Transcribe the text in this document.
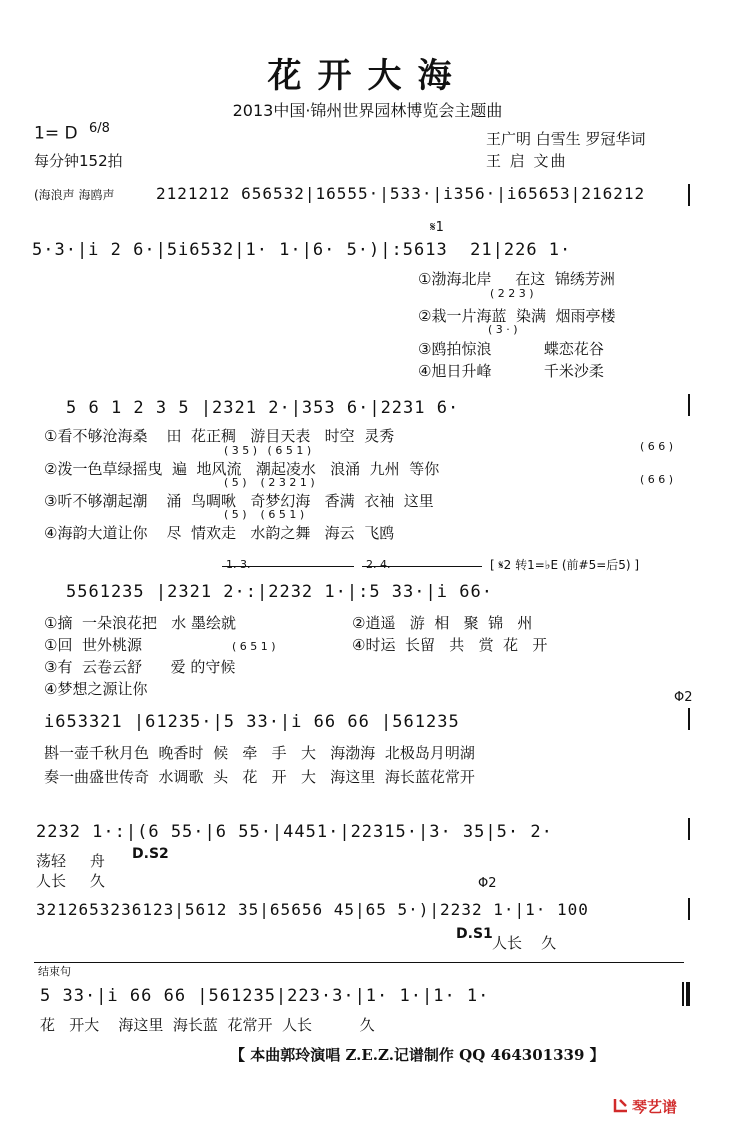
花开大海
2013中国·锦州世界园林博览会主题曲
1= D $^{6/8}$
每分钟152拍
王广明 白雪生 罗冠华词
王 启 文曲
(海浪声 海鸥声	2121212 656532|16555·|533·|i356·|i65653|216212
5·3·|i 2 6·|5i6532|1· 1·|6· 5·)|:5613  21|226 1·
𝄋1
①渤海北岸     在这  锦绣芳洲
( 2 2 3 )
②栽一片海蓝  染满  烟雨亭楼
( 3 · )
③鸥拍惊浪           蝶恋花谷
④旭日升峰           千米沙柔
5 6 1 2 3 5 |2321 2·|353 6·|2231 6·
①看不够沧海桑    田  花正稠   游目天表   时空  灵秀
( 3 5 )   ( 6 5 1 )	( 6 6 )
②泼一色草绿摇曳  遍  地风流   潮起凌水   浪涌  九州  等你
( 5 )    ( 2 3 2 1 )	( 6 6 )
③听不够潮起潮    涌  鸟啁啾   奇梦幻海   香满  衣袖  这里
( 5 )    ( 6 5 1 )
④海韵大道让你    尽  情欢走   水韵之舞   海云  飞鸥
1. 3.	2. 4.	[ 𝄋2 转1=♭E (前#5=后5) ]
5561235 |2321 2·:|2232 1·|:5 33·|i 66·
①摘  一朵浪花把   水 墨绘就	②逍遥   游  相   聚  锦   州
①回  世外桃源	④时运  长留   共   赏  花   开
( 6 5 1 )
③有  云卷云舒      爱 的守候
④梦想之源让你	Φ2
i653321 |61235·|5 33·|i 66 66 |561235
斟一壶千秋月色  晚香时  候   牵   手   大   海渤海  北极岛月明湖
奏一曲盛世传奇  水调歌  头   花   开   大   海这里  海长蓝花常开
2232 1·:|(6 55·|6 55·|4451·|22315·|3· 35|5· 2·
荡轻     舟 D.S2
人长     久	Φ2
3212653236123|5612 35|65656 45|65 5·)|2232 1·|1· 100
D.S1 人长    久
结束句
5 33·|i 66 66 |561235|223·3·|1· 1·|1· 1·
花   开大    海这里  海长蓝  花常开  人长          久
【 本曲郭玲演唱 Z.E.Z.记谱制作 QQ 464301339 】
琴艺谱
